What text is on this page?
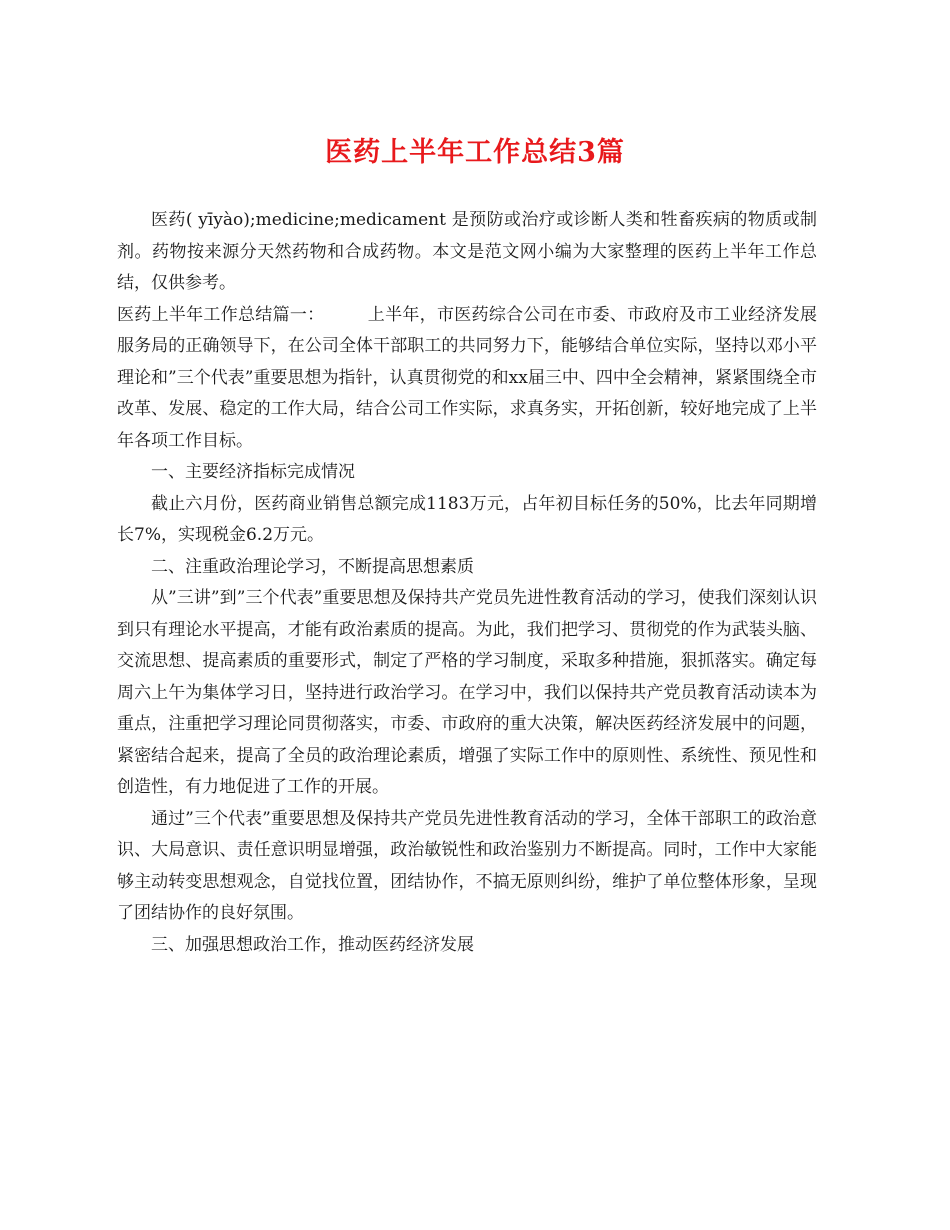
医药上半年工作总结3篇

医药( yīyào);medicine;medicament 是预防或治疗或诊断人类和牲畜疾病的物质或制剂。药物按来源分天然药物和合成药物。本文是范文网小编为大家整理的医药上半年工作总结，仅供参考。

医药上半年工作总结篇一：　　　上半年，市医药综合公司在市委、市政府及市工业经济发展服务局的正确领导下，在公司全体干部职工的共同努力下，能够结合单位实际，坚持以邓小平理论和”三个代表”重要思想为指针，认真贯彻党的和xx届三中、四中全会精神，紧紧围绕全市改革、发展、稳定的工作大局，结合公司工作实际，求真务实，开拓创新，较好地完成了上半年各项工作目标。

一、主要经济指标完成情况

截止六月份，医药商业销售总额完成1183万元，占年初目标任务的50%，比去年同期增长7%，实现税金6.2万元。

二、注重政治理论学习，不断提高思想素质

从”三讲”到”三个代表”重要思想及保持共产党员先进性教育活动的学习，使我们深刻认识到只有理论水平提高，才能有政治素质的提高。为此，我们把学习、贯彻党的作为武装头脑、交流思想、提高素质的重要形式，制定了严格的学习制度，采取多种措施，狠抓落实。确定每周六上午为集体学习日，坚持进行政治学习。在学习中，我们以保持共产党员教育活动读本为重点，注重把学习理论同贯彻落实，市委、市政府的重大决策，解决医药经济发展中的问题，紧密结合起来，提高了全员的政治理论素质，增强了实际工作中的原则性、系统性、预见性和创造性，有力地促进了工作的开展。

通过”三个代表”重要思想及保持共产党员先进性教育活动的学习，全体干部职工的政治意识、大局意识、责任意识明显增强，政治敏锐性和政治鉴别力不断提高。同时，工作中大家能够主动转变思想观念，自觉找位置，团结协作，不搞无原则纠纷，维护了单位整体形象，呈现了团结协作的良好氛围。

三、加强思想政治工作，推动医药经济发展
